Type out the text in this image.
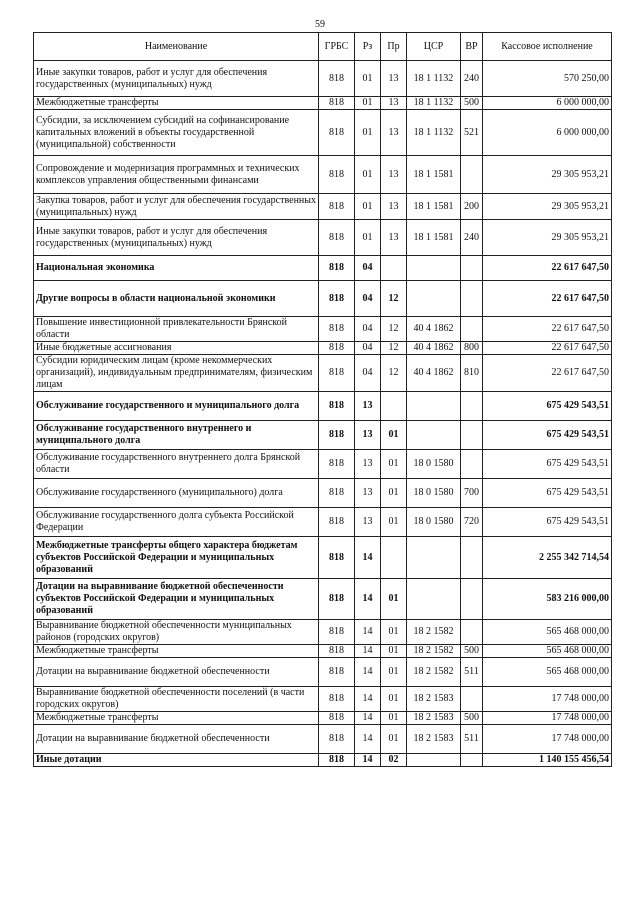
59
Наименование	ГРБС	Рз	Пр	ЦСР	ВР	Кассовое исполнение
Иные закупки товаров, работ и услуг для обеспечения государственных (муниципальных) нужд	818	01	13	18 1 1132	240	570 250,00
Межбюджетные трансферты	818	01	13	18 1 1132	500	6 000 000,00
Субсидии, за исключением субсидий на софинансирование капитальных вложений в объекты государственной (муниципальной) собственности	818	01	13	18 1 1132	521	6 000 000,00
Сопровождение и модернизация программных и технических комплексов управления общественными финансами	818	01	13	18 1 1581		29 305 953,21
Закупка товаров, работ и услуг для обеспечения государственных (муниципальных) нужд	818	01	13	18 1 1581	200	29 305 953,21
Иные закупки товаров, работ и услуг для обеспечения государственных (муниципальных) нужд	818	01	13	18 1 1581	240	29 305 953,21
Национальная экономика	818	04				22 617 647,50
Другие вопросы в области национальной экономики	818	04	12			22 617 647,50
Повышение инвестиционной привлекательности Брянской области	818	04	12	40 4 1862		22 617 647,50
Иные бюджетные ассигнования	818	04	12	40 4 1862	800	22 617 647,50
Субсидии юридическим лицам (кроме некоммерческих организаций), индивидуальным предпринимателям, физическим лицам	818	04	12	40 4 1862	810	22 617 647,50
Обслуживание государственного и муниципального долга	818	13				675 429 543,51
Обслуживание государственного внутреннего и муниципального долга	818	13	01			675 429 543,51
Обслуживание государственного внутреннего долга Брянской области	818	13	01	18 0 1580		675 429 543,51
Обслуживание государственного (муниципального) долга	818	13	01	18 0 1580	700	675 429 543,51
Обслуживание государственного долга субъекта Российской Федерации	818	13	01	18 0 1580	720	675 429 543,51
Межбюджетные трансферты общего характера бюджетам субъектов Российской Федерации и муниципальных образований	818	14				2 255 342 714,54
Дотации на выравнивание бюджетной обеспеченности субъектов Российской Федерации и муниципальных образований	818	14	01			583 216 000,00
Выравнивание бюджетной обеспеченности муниципальных районов (городских округов)	818	14	01	18 2 1582		565 468 000,00
Межбюджетные трансферты	818	14	01	18 2 1582	500	565 468 000,00
Дотации на выравнивание бюджетной обеспеченности	818	14	01	18 2 1582	511	565 468 000,00
Выравнивание бюджетной обеспеченности поселений (в части городских округов)	818	14	01	18 2 1583		17 748 000,00
Межбюджетные трансферты	818	14	01	18 2 1583	500	17 748 000,00
Дотации на выравнивание бюджетной обеспеченности	818	14	01	18 2 1583	511	17 748 000,00
Иные дотации	818	14	02			1 140 155 456,54
